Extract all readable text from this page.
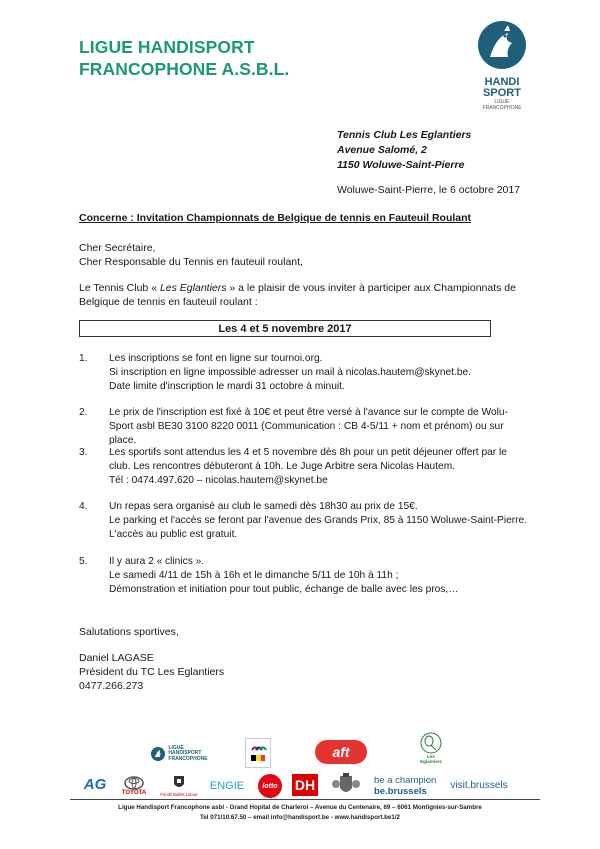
LIGUE HANDISPORT
FRANCOPHONE A.S.B.L.
HANDI
SPORT
LIGUE
FRANCOPHONE
Tennis Club Les Eglantiers
Avenue Salomé, 2
1150 Woluwe-Saint-Pierre
Woluwe-Saint-Pierre, le 6 octobre 2017
Concerne : Invitation Championnats de Belgique de tennis en Fauteuil Roulant
Cher Secrétaire,
Cher Responsable du Tennis en fauteuil roulant,
Le Tennis Club « Les Eglantiers » a le plaisir de vous inviter à participer aux Championnats de
Belgique de tennis en fauteuil roulant :
Les 4 et 5 novembre 2017
1.	Les inscriptions se font en ligne sur tournoi.org.
Si inscription en ligne impossible adresser un mail à nicolas.hautem@skynet.be.
Date limite d'inscription le mardi 31 octobre à minuit.
2.	Le prix de l'inscription est fixé à 10€ et peut être versé à l'avance sur le compte de Wolu-
Sport asbl BE30 3100 8220 0011 (Communication : CB 4-5/11 + nom et prénom) ou sur place.
3.	Les sportifs sont attendus les 4 et 5 novembre dès 8h pour un petit déjeuner offert par le
club. Les rencontres débuteront à 10h. Le Juge Arbitre sera Nicolas Hautem.
Tél : 0474.497.620 – nicolas.hautem@skynet.be
4.	Un repas sera organisé au club le samedi dès 18h30 au prix de 15€.
Le parking et l'accès se feront par l'avenue des Grands Prix, 85 à 1150 Woluwe-Saint-Pierre.
L'accès au public est gratuit.
5.	Il y aura 2 « clinics ».
Le samedi 4/11 de 15h à 16h et le dimanche 5/11 de 10h à 11h ;
Démonstration et initiation pour tout public, échange de balle avec les pros,…
Salutations sportives,
Daniel LAGASE
Président du TC Les Eglantiers
0477.266.273
LIGUE
HANDISPORT
FRANCOPHONE	aft	Les Eglantiers
AG
TOYOTA	Fonds Baillet Latour
ENGIE	lotto	DH	be a champion
be.brussels
visit.brussels
Ligue Handisport Francophone asbl - Grand Hopital de Charleroi – Avenue du Centenaire, 69 – 6061 Montignies-sur-Sambre
Tel 071/10.67.50 – email info@handisport.be - www.handisport.be1/2
